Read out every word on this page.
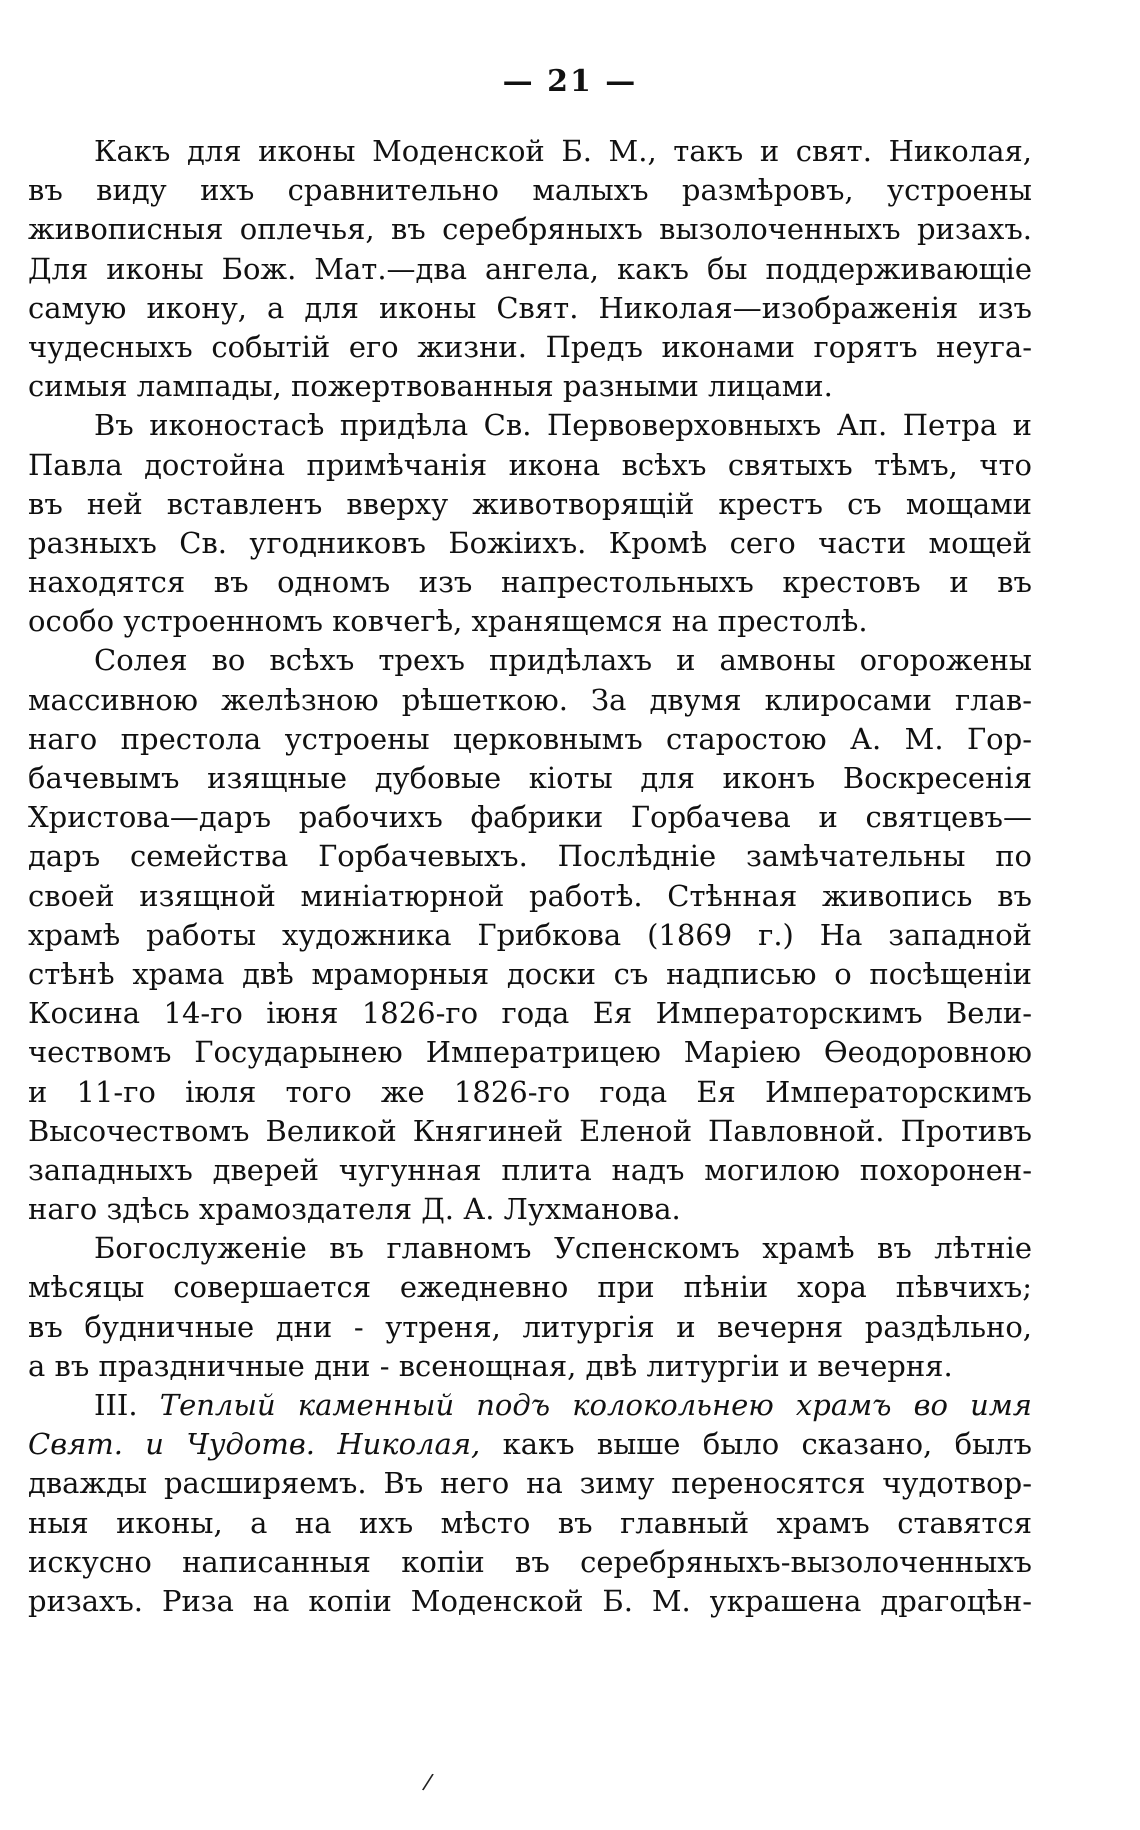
— 21 —
Какъ для иконы Моденской Б. М., такъ и свят. Николая,
въ виду ихъ сравнительно малыхъ размѣровъ, устроены
живописныя оплечья, въ серебряныхъ вызолоченныхъ ризахъ.
Для иконы Бож. Мат.—два ангела, какъ бы поддерживающіе
самую икону, а для иконы Свят. Николая—изображенія изъ
чудесныхъ событій его жизни. Предъ иконами горятъ неуга-
симыя лампады, пожертвованныя разными лицами.
Въ иконостасѣ придѣла Св. Первоверховныхъ Ап. Петра и
Павла достойна примѣчанія икона всѣхъ святыхъ тѣмъ, что
въ ней вставленъ вверху животворящій крестъ съ мощами
разныхъ Св. угодниковъ Божіихъ. Кромѣ сего части мощей
находятся въ одномъ изъ напрестольныхъ крестовъ и въ
особо устроенномъ ковчегѣ, хранящемся на престолѣ.
Солея во всѣхъ трехъ придѣлахъ и амвоны огорожены
массивною желѣзною рѣшеткою. За двумя клиросами глав-
наго престола устроены церковнымъ старостою А. М. Гор-
бачевымъ изящные дубовые кіоты для иконъ Воскресенія
Христова—даръ рабочихъ фабрики Горбачева и святцевъ—
даръ семейства Горбачевыхъ. Послѣдніе замѣчательны по
своей изящной миніатюрной работѣ. Стѣнная живопись въ
храмѣ работы художника Грибкова (1869 г.) На западной
стѣнѣ храма двѣ мраморныя доски съ надписью о посѣщеніи
Косина 14-го іюня 1826-го года Ея Императорскимъ Вели-
чествомъ Государынею Императрицею Маріею Ѳеодоровною
и 11-го іюля того же 1826-го года Ея Императорскимъ
Высочествомъ Великой Княгиней Еленой Павловной. Противъ
западныхъ дверей чугунная плита надъ могилою похоронен-
наго здѣсь храмоздателя Д. А. Лухманова.
Богослуженіе въ главномъ Успенскомъ храмѣ въ лѣтніе
мѣсяцы совершается ежедневно при пѣніи хора пѣвчихъ;
въ будничные дни - утреня, литургія и вечерня раздѣльно,
а въ праздничные дни - всенощная, двѣ литургіи и вечерня.
III. Теплый каменный подъ колокольнею храмъ во имя
Свят. и Чудотв. Николая, какъ выше было сказано, былъ
дважды расширяемъ. Въ него на зиму переносятся чудотвор-
ныя иконы, а на ихъ мѣсто въ главный храмъ ставятся
искусно написанныя копіи въ серебряныхъ-вызолоченныхъ
ризахъ. Риза на копіи Моденской Б. М. украшена драгоцѣн-
/
